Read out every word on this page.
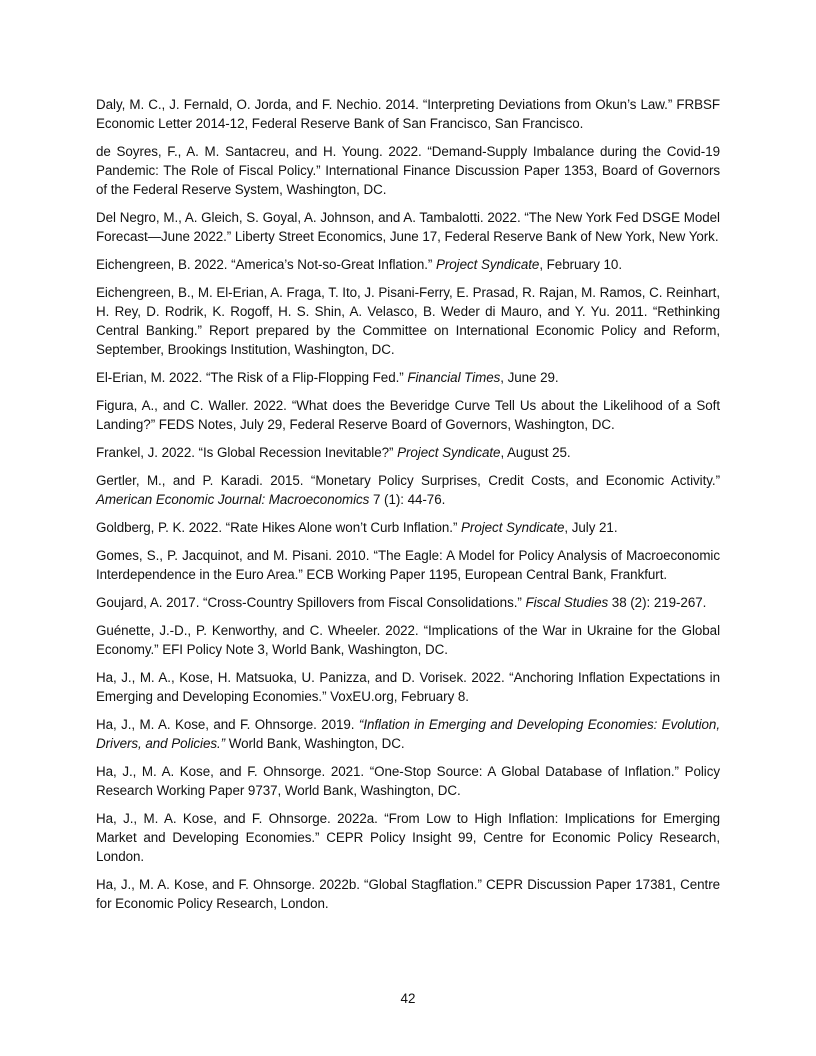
Daly, M. C., J. Fernald, O. Jorda, and F. Nechio. 2014. “Interpreting Deviations from Okun’s Law.” FRBSF Economic Letter 2014-12, Federal Reserve Bank of San Francisco, San Francisco.

de Soyres, F., A. M. Santacreu, and H. Young. 2022. “Demand-Supply Imbalance during the Covid-19 Pandemic: The Role of Fiscal Policy.” International Finance Discussion Paper 1353, Board of Governors of the Federal Reserve System, Washington, DC.

Del Negro, M., A. Gleich, S. Goyal, A. Johnson, and A. Tambalotti. 2022. “The New York Fed DSGE Model Forecast—June 2022.” Liberty Street Economics, June 17, Federal Reserve Bank of New York, New York.

Eichengreen, B. 2022. “America’s Not-so-Great Inflation.” Project Syndicate, February 10.

Eichengreen, B., M. El-Erian, A. Fraga, T. Ito, J. Pisani-Ferry, E. Prasad, R. Rajan, M. Ramos, C. Reinhart, H. Rey, D. Rodrik, K. Rogoff, H. S. Shin, A. Velasco, B. Weder di Mauro, and Y. Yu. 2011. “Rethinking Central Banking.” Report prepared by the Committee on International Economic Policy and Reform, September, Brookings Institution, Washington, DC.

El-Erian, M. 2022. “The Risk of a Flip-Flopping Fed.” Financial Times, June 29.

Figura, A., and C. Waller. 2022. “What does the Beveridge Curve Tell Us about the Likelihood of a Soft Landing?” FEDS Notes, July 29, Federal Reserve Board of Governors, Washington, DC.

Frankel, J. 2022. “Is Global Recession Inevitable?” Project Syndicate, August 25.

Gertler, M., and P. Karadi. 2015. “Monetary Policy Surprises, Credit Costs, and Economic Activity.” American Economic Journal: Macroeconomics 7 (1): 44-76.

Goldberg, P. K. 2022. “Rate Hikes Alone won’t Curb Inflation.” Project Syndicate, July 21.

Gomes, S., P. Jacquinot, and M. Pisani. 2010. “The Eagle: A Model for Policy Analysis of Macroeconomic Interdependence in the Euro Area.” ECB Working Paper 1195, European Central Bank, Frankfurt.

Goujard, A. 2017. “Cross-Country Spillovers from Fiscal Consolidations.” Fiscal Studies 38 (2): 219-267.

Guénette, J.-D., P. Kenworthy, and C. Wheeler. 2022. “Implications of the War in Ukraine for the Global Economy.” EFI Policy Note 3, World Bank, Washington, DC.

Ha, J., M. A., Kose, H. Matsuoka, U. Panizza, and D. Vorisek. 2022. “Anchoring Inflation Expectations in Emerging and Developing Economies.” VoxEU.org, February 8.

Ha, J., M. A. Kose, and F. Ohnsorge. 2019. “Inflation in Emerging and Developing Economies: Evolution, Drivers, and Policies.” World Bank, Washington, DC.

Ha, J., M. A. Kose, and F. Ohnsorge. 2021. “One-Stop Source: A Global Database of Inflation.” Policy Research Working Paper 9737, World Bank, Washington, DC.

Ha, J., M. A. Kose, and F. Ohnsorge. 2022a. “From Low to High Inflation: Implications for Emerging Market and Developing Economies.” CEPR Policy Insight 99, Centre for Economic Policy Research, London.

Ha, J., M. A. Kose, and F. Ohnsorge. 2022b. “Global Stagflation.” CEPR Discussion Paper 17381, Centre for Economic Policy Research, London.

42
